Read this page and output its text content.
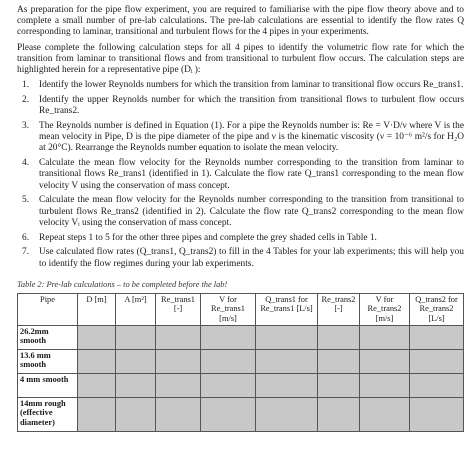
As preparation for the pipe flow experiment, you are required to familiarise with the pipe flow theory above and to complete a small number of pre-lab calculations. The pre-lab calculations are essential to identify the flow rates Q corresponding to laminar, transitional and turbulent flows for the 4 pipes in your experiments.

Please complete the following calculation steps for all 4 pipes to identify the volumetric flow rate for which the transition from laminar to transitional flows and from transitional to turbulent flow occurs. The calculation steps are highlighted herein for a representative pipe (Dᵢ ):

1. Identify the lower Reynolds numbers for which the transition from laminar to transitional flow occurs Re_trans1.
2. Identify the upper Reynolds number for which the transition from transitional flows to turbulent flow occurs Re_trans2.
3. The Reynolds number is defined in Equation (1). For a pipe the Reynolds number is: Re = V·D/ν where V is the mean velocity in Pipe, D is the pipe diameter of the pipe and ν is the kinematic viscosity (ν = 10⁻⁶ m²/s for H₂O at 20°C). Rearrange the Reynolds number equation to isolate the mean velocity.
4. Calculate the mean flow velocity for the Reynolds number corresponding to the transition from laminar to transitional flows Re_trans1 (identified in 1). Calculate the flow rate Q_trans1 corresponding to the mean flow velocity V using the conservation of mass concept.
5. Calculate the mean flow velocity for the Reynolds number corresponding to the transition from transitional to turbulent flows Re_trans2 (identified in 2). Calculate the flow rate Q_trans2 corresponding to the mean flow velocity Vᵢ using the conservation of mass concept.
6. Repeat steps 1 to 5 for the other three pipes and complete the grey shaded cells in Table 1.
7. Use calculated flow rates (Q_trans1, Q_trans2) to fill in the 4 Tables for your lab experiments; this will help you to identify the flow regimes during your lab experiments.
Table 2: Pre-lab calculations – to be completed before the lab!
Pipe	D [m]	A [m²]	Re_trans1 [-]	V for Re_trans1 [m/s]	Q_trans1 for Re_trans1 [L/s]	Re_trans2 [-]	V for Re_trans2 [m/s]	Q_trans2 for Re_trans2 [L/s]
26.2mm smooth								
13.6 mm smooth								
4 mm smooth								
14mm rough (effective diameter)								
